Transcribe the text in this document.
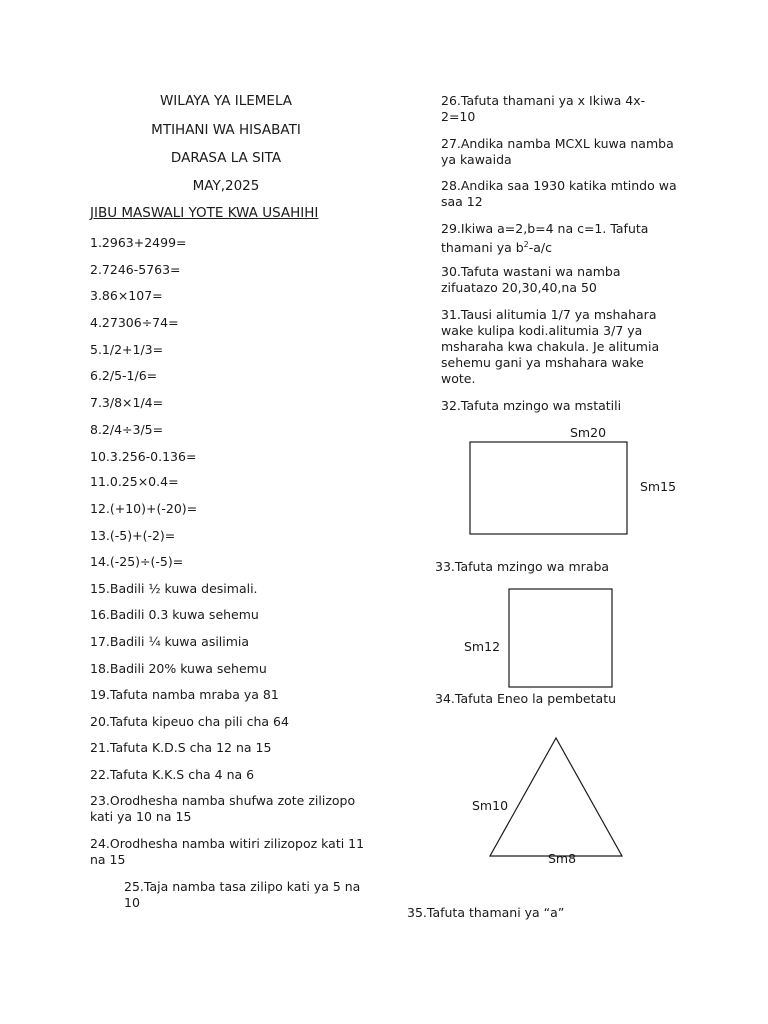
WILAYA YA ILEMELA
MTIHANI WA HISABATI
DARASA LA SITA
MAY,2025
JIBU MASWALI YOTE KWA USAHIHI
1.2963+2499=
2.7246-5763=
3.86×107=
4.27306÷74=
5.1/2+1/3=
6.2/5-1/6=
7.3/8×1/4=
8.2/4÷3/5=
10.3.256-0.136=
11.0.25×0.4=
12.(+10)+(-20)=
13.(-5)+(-2)=
14.(-25)÷(-5)=
15.Badili ½ kuwa desimali.
16.Badili 0.3 kuwa sehemu
17.Badili ¼ kuwa asilimia
18.Badili 20% kuwa sehemu
19.Tafuta namba mraba ya 81
20.Tafuta kipeuo cha pili cha 64
21.Tafuta K.D.S cha 12 na 15
22.Tafuta K.K.S cha 4 na 6
23.Orodhesha namba shufwa zote zilizopo kati ya 10 na 15
24.Orodhesha namba witiri zilizopoz kati 11 na 15
25.Taja namba tasa zilipo kati ya 5 na 10
26.Tafuta thamani ya x Ikiwa 4x-2=10
27.Andika namba MCXL kuwa namba ya kawaida
28.Andika saa 1930 katika mtindo wa saa 12
29.Ikiwa a=2,b=4 na c=1. Tafuta thamani ya $b^2-a/c$
30.Tafuta wastani wa namba zifuatazo 20,30,40,na 50
31.Tausi alitumia 1/7 ya mshahara wake kulipa kodi.alitumia 3/7 ya msharaha kwa chakula. Je alitumia sehemu gani ya mshahara wake wote.
32.Tafuta mzingo wa mstatili
Sm20
Sm15
33.Tafuta mzingo wa mraba
Sm12
34.Tafuta Eneo la pembetatu
Sm10
Sm8
35.Tafuta thamani ya “a”
